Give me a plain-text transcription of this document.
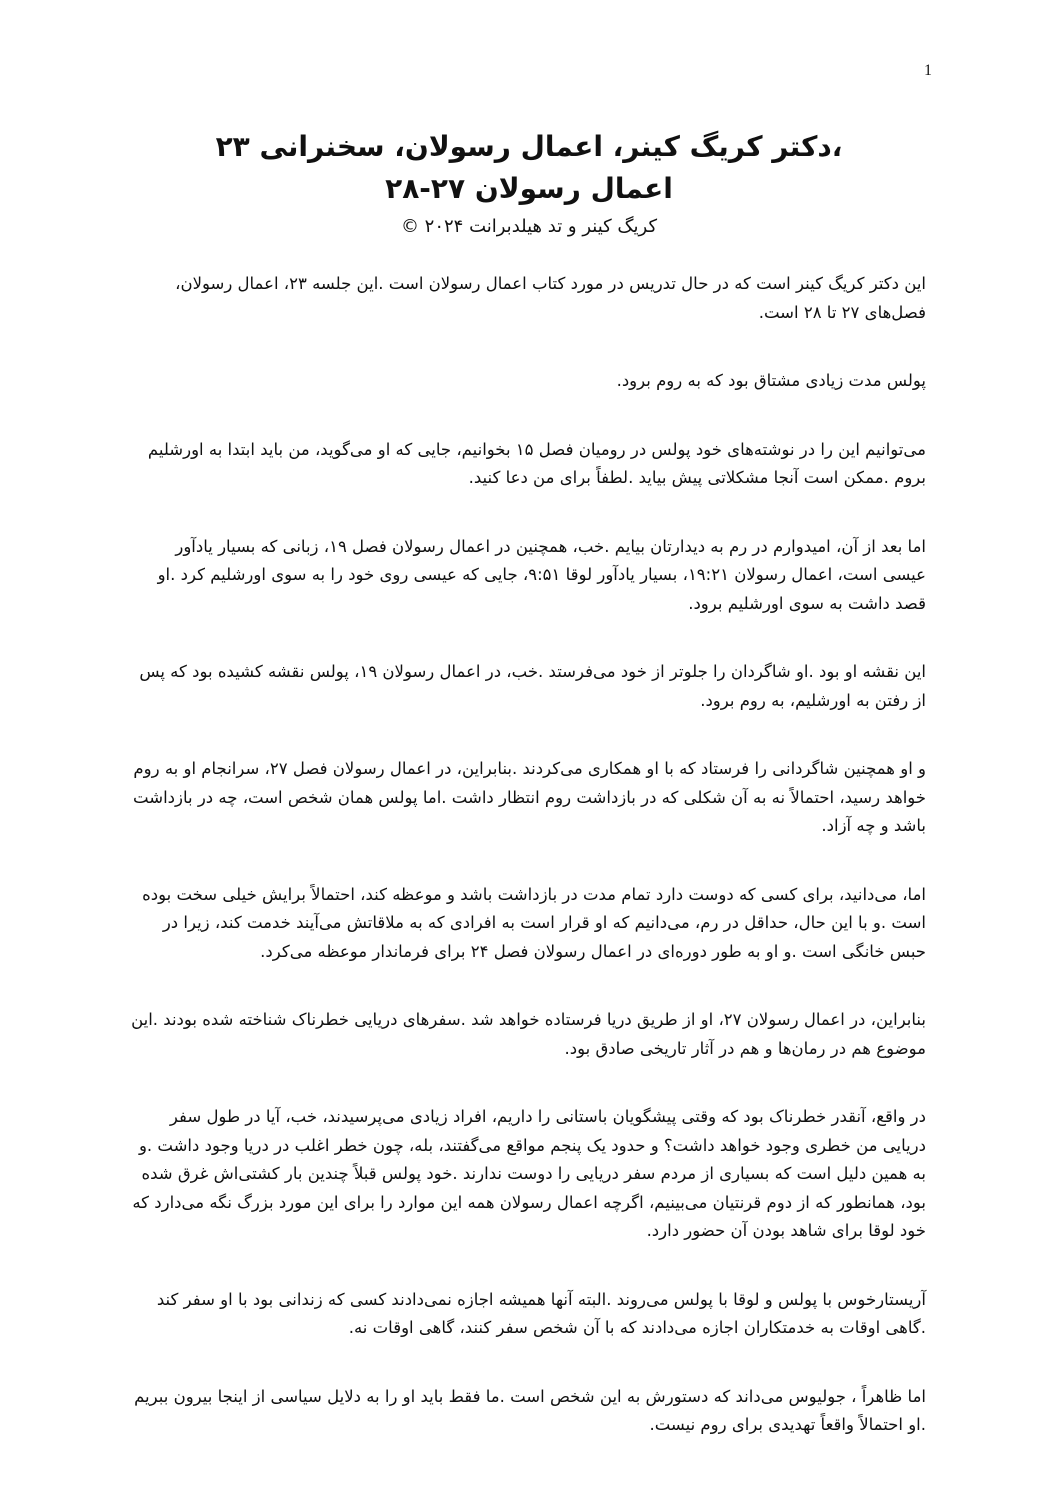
1
،دکتر کریگ کینر، اعمال رسولان، سخنرانی ۲۳
اعمال رسولان ۲۷-۲۸
کریگ کینر و تد هیلدبرانت ۲۰۲۴ ©

این دکتر کریگ کینر است که در حال تدریس در مورد کتاب اعمال رسولان است .این جلسه ۲۳، اعمال رسولان، فصل‌های ۲۷ تا ۲۸ است.

پولس مدت زیادی مشتاق بود که به روم برود.

می‌توانیم این را در نوشته‌های خود پولس در رومیان فصل ۱۵ بخوانیم، جایی که او می‌گوید، من باید ابتدا به اورشلیم بروم .ممکن است آنجا مشکلاتی پیش بیاید .لطفاً برای من دعا کنید.

اما بعد از آن، امیدوارم در رم به دیدارتان بیایم .خب، همچنین در اعمال رسولان فصل ۱۹، زبانی که بسیار یادآور عیسی است، اعمال رسولان ۱۹:۲۱، بسیار یادآور لوقا ۹:۵۱، جایی که عیسی روی خود را به سوی اورشلیم کرد .او قصد داشت به سوی اورشلیم برود.

این نقشه او بود .او شاگردان را جلوتر از خود می‌فرستد .خب، در اعمال رسولان ۱۹، پولس نقشه کشیده بود که پس از رفتن به اورشلیم، به روم برود.

و او همچنین شاگردانی را فرستاد که با او همکاری می‌کردند .بنابراین، در اعمال رسولان فصل ۲۷، سرانجام او به روم خواهد رسید، احتمالاً نه به آن شکلی که در بازداشت روم انتظار داشت .اما پولس همان شخص است، چه در بازداشت باشد و چه آزاد.

اما، می‌دانید، برای کسی که دوست دارد تمام مدت در بازداشت باشد و موعظه کند، احتمالاً برایش خیلی سخت بوده است .و با این حال، حداقل در رم، می‌دانیم که او قرار است به افرادی که به ملاقاتش می‌آیند خدمت کند، زیرا در حبس خانگی است .و او به طور دوره‌ای در اعمال رسولان فصل ۲۴ برای فرماندار موعظه می‌کرد.

بنابراین، در اعمال رسولان ۲۷، او از طریق دریا فرستاده خواهد شد .سفرهای دریایی خطرناک شناخته شده بودند .این موضوع هم در رمان‌ها و هم در آثار تاریخی صادق بود.

در واقع، آنقدر خطرناک بود که وقتی پیشگویان باستانی را داریم، افراد زیادی می‌پرسیدند، خب، آیا در طول سفر دریایی من خطری وجود خواهد داشت؟ و حدود یک پنجم مواقع می‌گفتند، بله، چون خطر اغلب در دریا وجود داشت .و به همین دلیل است که بسیاری از مردم سفر دریایی را دوست ندارند .خود پولس قبلاً چندین بار کشتی‌اش غرق شده بود، همانطور که از دوم قرنتیان می‌بینیم، اگرچه اعمال رسولان همه این موارد را برای این مورد بزرگ نگه می‌دارد که خود لوقا برای شاهد بودن آن حضور دارد.

آریستارخوس با پولس و لوقا با پولس می‌روند .البته آنها همیشه اجازه نمی‌دادند کسی که زندانی بود با او سفر کند .گاهی اوقات به خدمتکاران اجازه می‌دادند که با آن شخص سفر کنند، گاهی اوقات نه.

اما ظاهراً ، جولیوس می‌داند که دستورش به این شخص است .ما فقط باید او را به دلایل سیاسی از اینجا بیرون ببریم .او احتمالاً واقعاً تهدیدی برای روم نیست.
